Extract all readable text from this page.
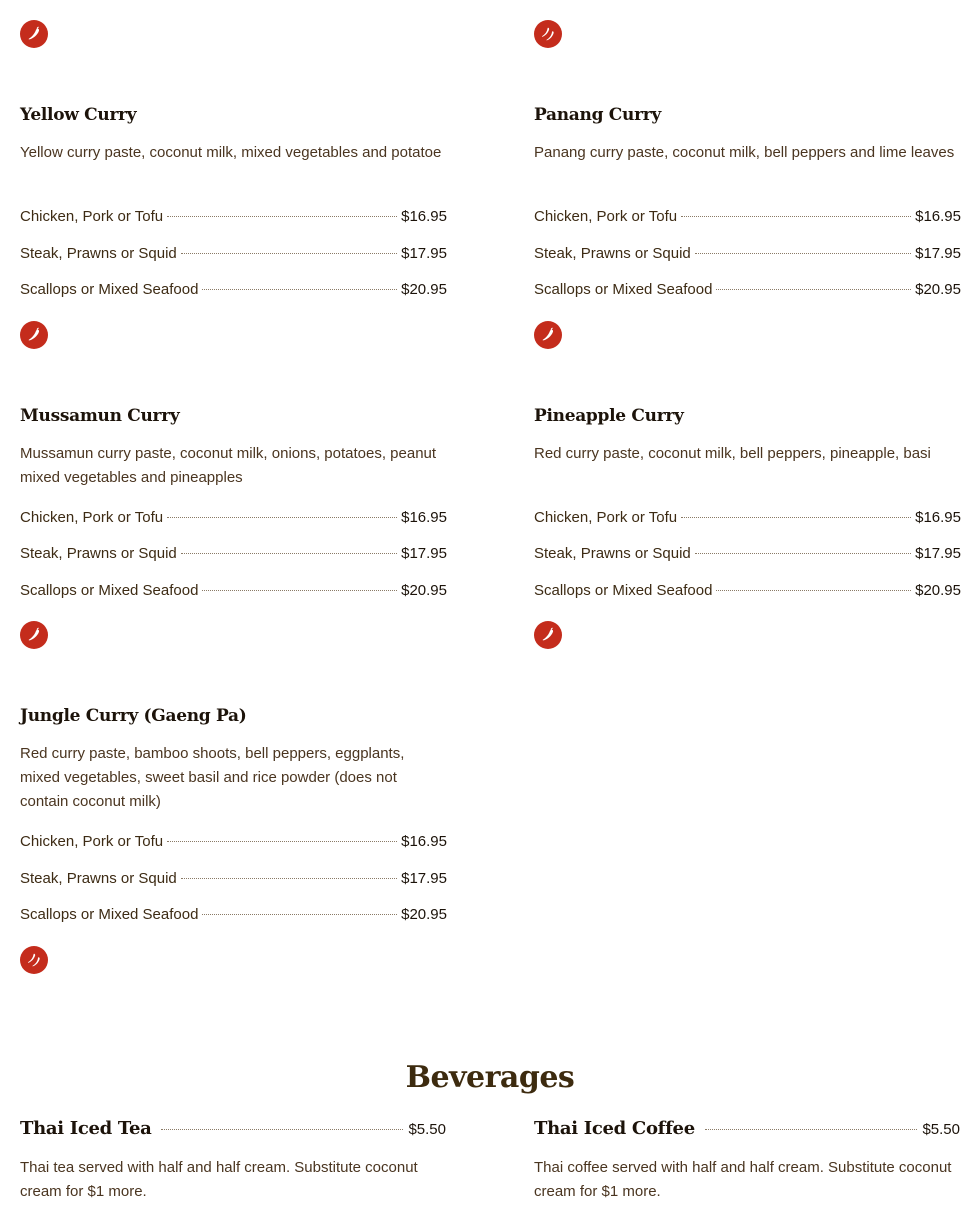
Yellow Curry

Yellow curry paste, coconut milk, mixed vegetables and potatoe

Chicken, Pork or Tofu	$16.95
Steak, Prawns or Squid	$17.95
Scallops or Mixed Seafood	$20.95
Panang Curry

Panang curry paste, coconut milk, bell peppers and lime leaves

Chicken, Pork or Tofu	$16.95
Steak, Prawns or Squid	$17.95
Scallops or Mixed Seafood	$20.95
Mussamun Curry

Mussamun curry paste, coconut milk, onions, potatoes, peanut mixed vegetables and pineapples

Chicken, Pork or Tofu	$16.95
Steak, Prawns or Squid	$17.95
Scallops or Mixed Seafood	$20.95
Pineapple Curry

Red curry paste, coconut milk, bell peppers, pineapple, basi

Chicken, Pork or Tofu	$16.95
Steak, Prawns or Squid	$17.95
Scallops or Mixed Seafood	$20.95
Jungle Curry (Gaeng Pa)

Red curry paste, bamboo shoots, bell peppers, eggplants, mixed vegetables, sweet basil and rice powder (does not contain coconut milk)

Chicken, Pork or Tofu	$16.95
Steak, Prawns or Squid	$17.95
Scallops or Mixed Seafood	$20.95
Beverages
Thai Iced Tea	$5.50

Thai tea served with half and half cream. Substitute coconut cream for $1 more.

Thai Iced Coffee	$5.50

Thai coffee served with half and half cream. Substitute coconut cream for $1 more.
